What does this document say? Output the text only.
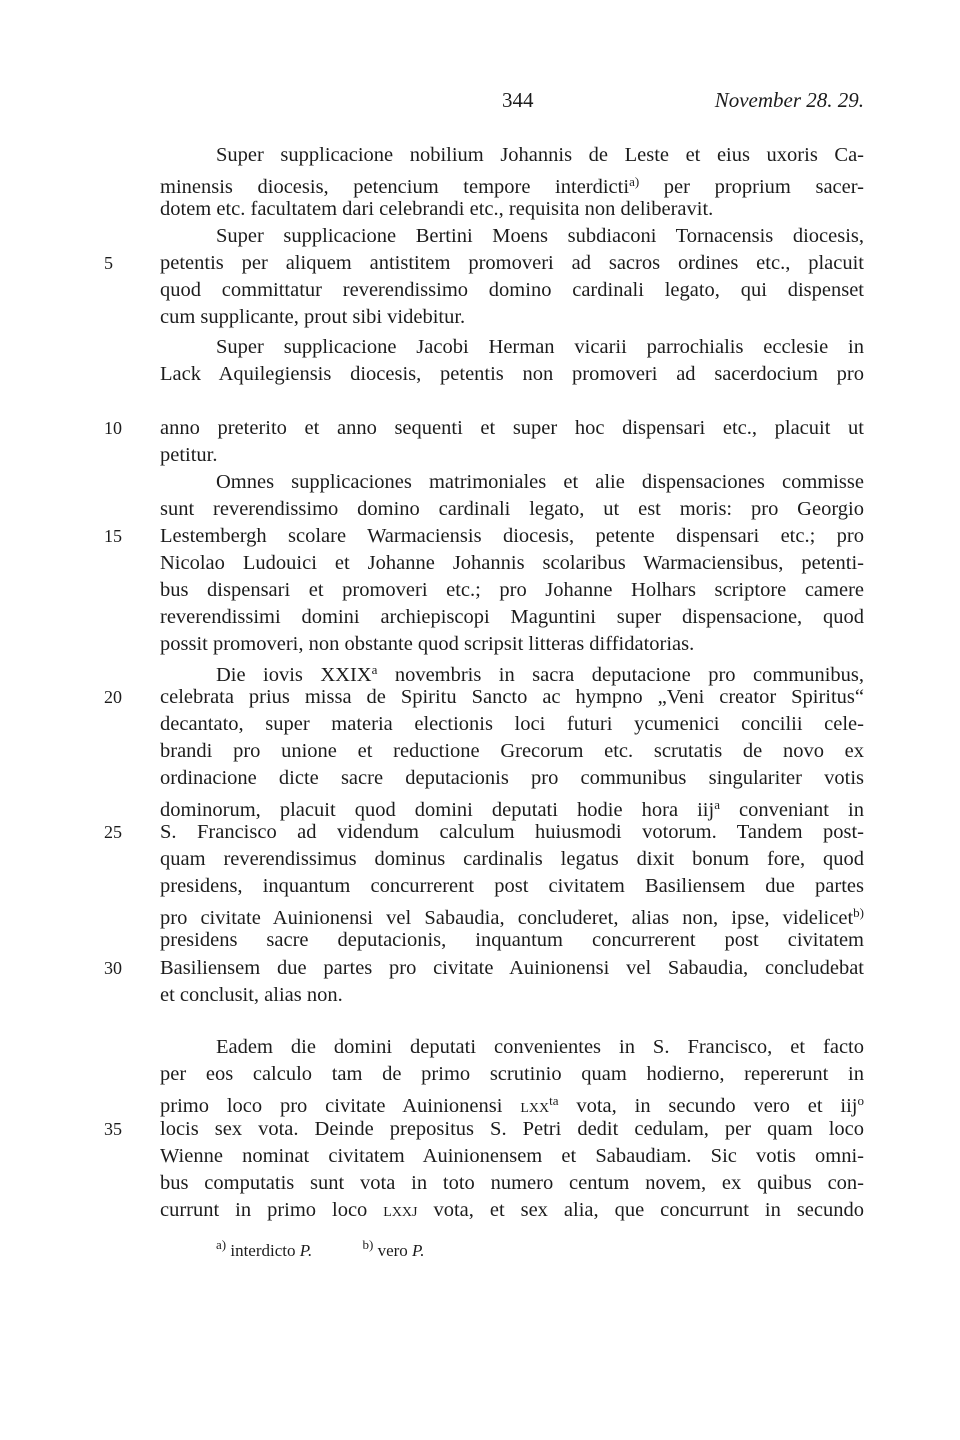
344	November 28. 29.
5
10
15
20
25
30
35
Super supplicacione nobilium Johannis de Leste et eius uxoris Ca-
minensis diocesis, petencium tempore interdicti$^{a)}$ per proprium sacer-
dotem etc. facultatem dari celebrandi etc., requisita non deliberavit.
Super supplicacione Bertini Moens subdiaconi Tornacensis diocesis,
petentis per aliquem antistitem promoveri ad sacros ordines etc., placuit
quod committatur reverendissimo domino cardinali legato, qui dispenset
cum supplicante, prout sibi videbitur.
Super supplicacione Jacobi Herman vicarii parrochialis ecclesie in
Lack Aquilegiensis diocesis, petentis non promoveri ad sacerdocium pro
anno preterito et anno sequenti et super hoc dispensari etc., placuit ut
petitur.
Omnes supplicaciones matrimoniales et alie dispensaciones commisse
sunt reverendissimo domino cardinali legato, ut est moris: pro Georgio
Lestembergh scolare Warmaciensis diocesis, petente dispensari etc.; pro
Nicolao Ludouici et Johanne Johannis scolaribus Warmaciensibus, petenti-
bus dispensari et promoveri etc.; pro Johanne Holhars scriptore camere
reverendissimi domini archiepiscopi Maguntini super dispensacione, quod
possit promoveri, non obstante quod scripsit litteras diffidatorias.
Die iovis XXIX$^a$ novembris in sacra deputacione pro communibus,
celebrata prius missa de Spiritu Sancto ac hympno „Veni creator Spiritus“
decantato, super materia electionis loci futuri ycumenici concilii cele-
brandi pro unione et reductione Grecorum etc. scrutatis de novo ex
ordinacione dicte sacre deputacionis pro communibus singulariter votis
dominorum, placuit quod domini deputati hodie hora iij$^a$ conveniant in
S. Francisco ad videndum calculum huiusmodi votorum. Tandem post-
quam reverendissimus dominus cardinalis legatus dixit bonum fore, quod
presidens, inquantum concurrerent post civitatem Basiliensem due partes
pro civitate Auinionensi vel Sabaudia, concluderet, alias non, ipse, videlicet$^{b)}$
presidens sacre deputacionis, inquantum concurrerent post civitatem
Basiliensem due partes pro civitate Auinionensi vel Sabaudia, concludebat
et conclusit, alias non.
Eadem die domini deputati convenientes in S. Francisco, et facto
per eos calculo tam de primo scrutinio quam hodierno, repererunt in
primo loco pro civitate Auinionensi lxx$^{ta}$ vota, in secundo vero et iij$^o$
locis sex vota. Deinde prepositus S. Petri dedit cedulam, per quam loco
Wienne nominat civitatem Auinionensem et Sabaudiam. Sic votis omni-
bus computatis sunt vota in toto numero centum novem, ex quibus con-
currunt in primo loco lxxj vota, et sex alia, que concurrunt in secundo
$^{a)}$ interdicto P.	$^{b)}$ vero P.
